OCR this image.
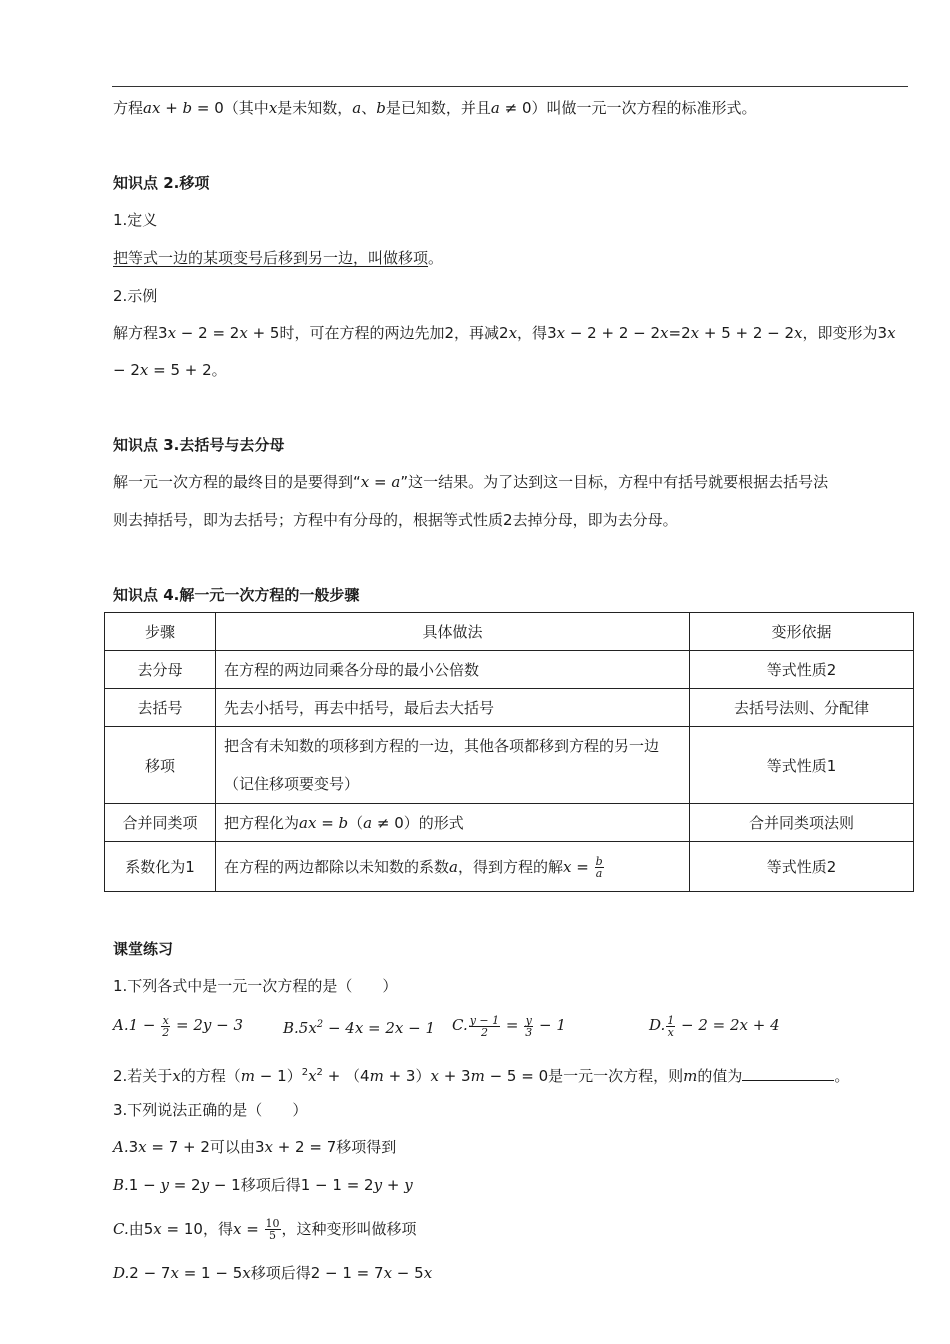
方程ax + b = 0（其中x是未知数，a、b是已知数，并且a ≠ 0）叫做一元一次方程的标准形式。
知识点 2.移项
1.定义
把等式一边的某项变号后移到另一边，叫做移项。
2.示例
解方程3x − 2 = 2x + 5时，可在方程的两边先加2，再减2x，得3x − 2 + 2 − 2x=2x + 5 + 2 − 2x，即变形为3x
− 2x = 5 + 2。
知识点 3.去括号与去分母
解一元一次方程的最终目的是要得到“x = a”这一结果。为了达到这一目标，方程中有括号就要根据去括号法
则去掉括号，即为去括号；方程中有分母的，根据等式性质2去掉分母，即为去分母。
知识点 4.解一元一次方程的一般步骤
步骤	具体做法	变形依据
去分母	在方程的两边同乘各分母的最小公倍数	等式性质2
去括号	先去小括号，再去中括号，最后去大括号	去括号法则、分配律
移项	把含有未知数的项移到方程的一边，其他各项都移到方程的另一边（记住移项要变号）	等式性质1
合并同类项	把方程化为ax = b（a ≠ 0）的形式	合并同类项法则
系数化为1	在方程的两边都除以未知数的系数a，得到方程的解$x = \frac{b}{a}$	等式性质2
课堂练习
1.下列各式中是一元一次方程的是（　　）
$A.1 - \frac{x}{2} = 2y - 3$	$B.5x^2 - 4x = 2x - 1$ C. $\frac{y - 1}{2} = \frac{y}{3} - 1$	D. $\frac{1}{x} - 2 = 2x + 4$
2.若关于x的方程$(m - 1)^2x^2 + (4m + 3)x + 3m - 5 = 0$是一元一次方程，则m的值为	。
3.下列说法正确的是（　　）
A.3x = 7 + 2可以由3x + 2 = 7移项得到
B.1 − y = 2y − 1移项后得1 − 1 = 2y + y
C.由5x = 10，得$x = \frac{10}{5}$ ，这种变形叫做移项
D.2 − 7x = 1 − 5x移项后得2 − 1 = 7x − 5x
